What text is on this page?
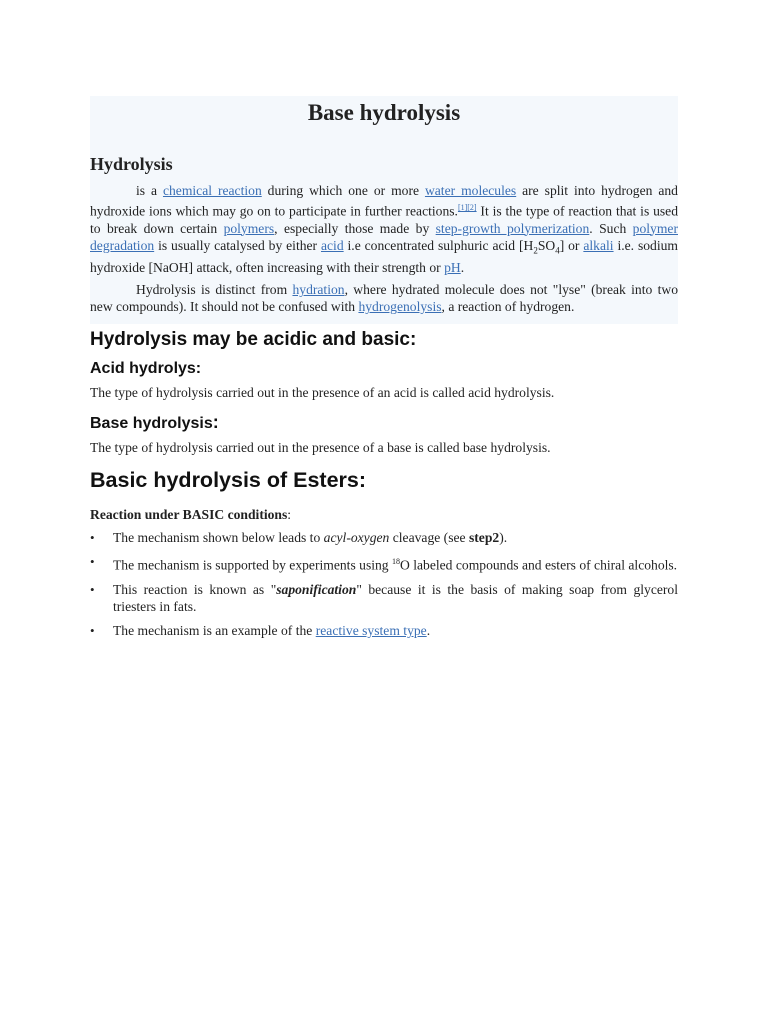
Base hydrolysis
Hydrolysis

is a chemical reaction during which one or more water molecules are split into hydrogen and hydroxide ions which may go on to participate in further reactions.[1][2] It is the type of reaction that is used to break down certain polymers, especially those made by step-growth polymerization. Such polymer degradation is usually catalysed by either acid i.e concentrated sulphuric acid $[H_2SO_4]$ or alkali i.e. sodium hydroxide [NaOH] attack, often increasing with their strength or pH.

Hydrolysis is distinct from hydration, where hydrated molecule does not "lyse" (break into two new compounds). It should not be confused with hydrogenolysis, a reaction of hydrogen.

Hydrolysis may be acidic and basic:
Acid hydrolys:

The type of hydrolysis carried out in the presence of an acid is called acid hydrolysis.

Base hydrolysis:

The type of hydrolysis carried out in the presence of a base is called base hydrolysis.

Basic hydrolysis of Esters:

Reaction under BASIC conditions:

• The mechanism shown below leads to acyl-oxygen cleavage (see step2).
• The mechanism is supported by experiments using $^{18}$O labeled compounds and esters of chiral alcohols.
• This reaction is known as "saponification" because it is the basis of making soap from glycerol triesters in fats.
• The mechanism is an example of the reactive system type.
